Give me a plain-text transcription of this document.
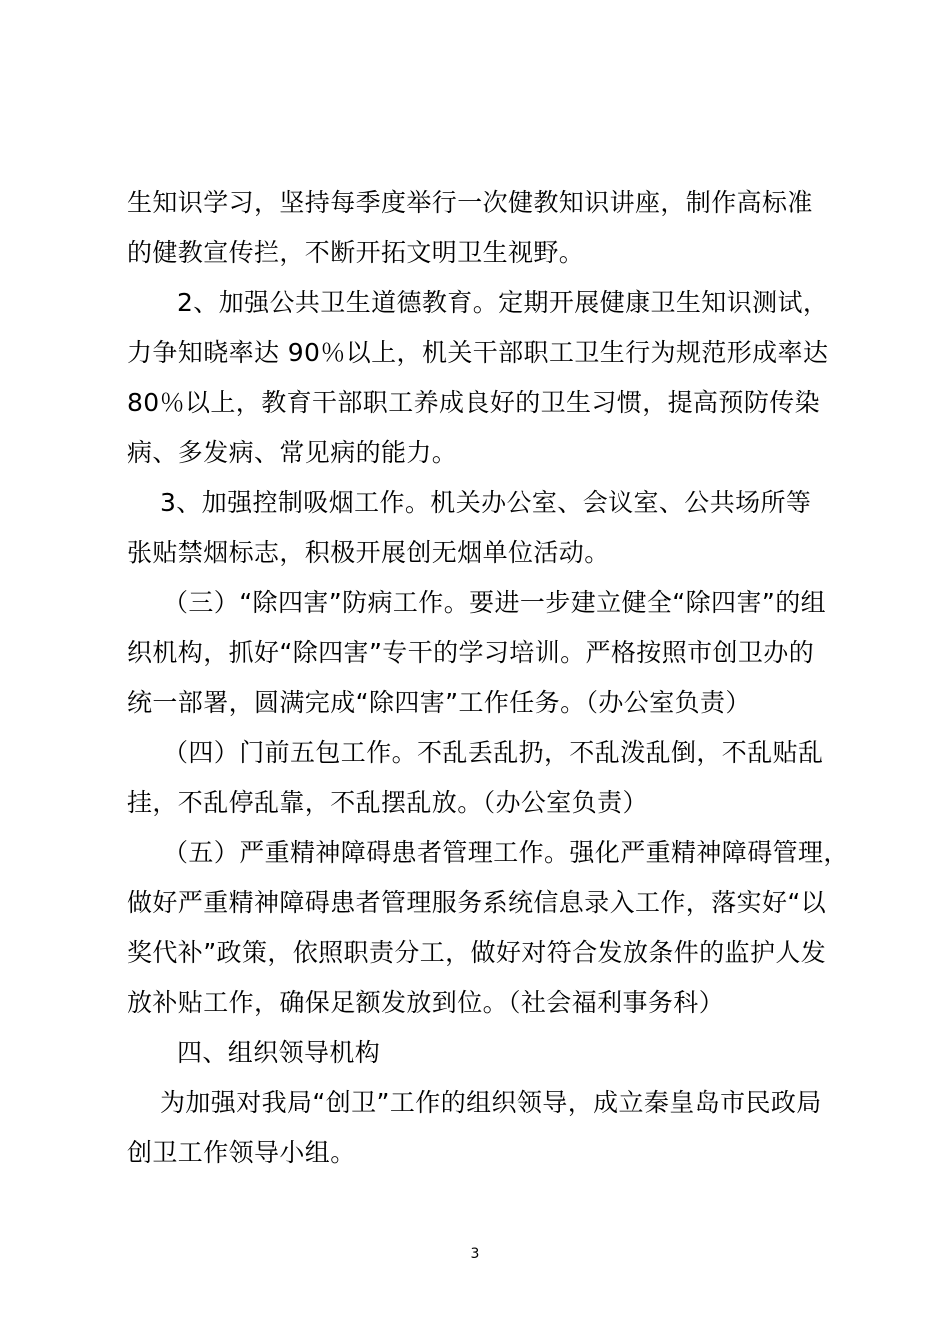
生知识学习，坚持每季度举行一次健教知识讲座，制作高标准
的健教宣传拦，不断开拓文明卫生视野。
2、加强公共卫生道德教育。定期开展健康卫生知识测试，
力争知晓率达 90％以上，机关干部职工卫生行为规范形成率达
80％以上，教育干部职工养成良好的卫生习惯，提高预防传染
病、多发病、常见病的能力。
3、加强控制吸烟工作。机关办公室、会议室、公共场所等
张贴禁烟标志，积极开展创无烟单位活动。
（三）“除四害”防病工作。要进一步建立健全“除四害”的组
织机构，抓好“除四害”专干的学习培训。严格按照市创卫办的
统一部署，圆满完成“除四害”工作任务。（办公室负责）
（四）门前五包工作。不乱丢乱扔，不乱泼乱倒，不乱贴乱
挂，不乱停乱靠，不乱摆乱放。（办公室负责）
（五）严重精神障碍患者管理工作。强化严重精神障碍管理，
做好严重精神障碍患者管理服务系统信息录入工作，落实好“以
奖代补”政策，依照职责分工，做好对符合发放条件的监护人发
放补贴工作，确保足额发放到位。（社会福利事务科）
四、组织领导机构
为加强对我局“创卫”工作的组织领导，成立秦皇岛市民政局
创卫工作领导小组。
3
